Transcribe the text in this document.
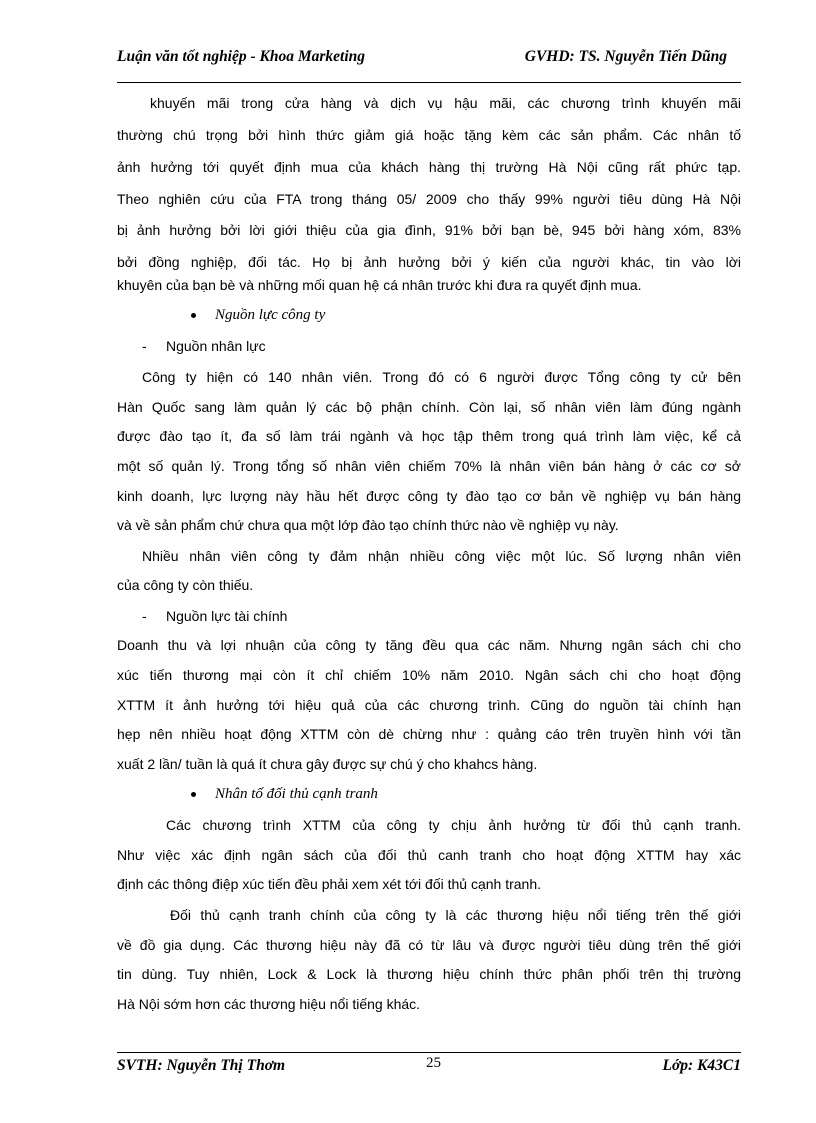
Luận văn tốt nghiệp - Khoa Marketing	GVHD: TS. Nguyễn Tiến Dũng
khuyến mãi trong cửa hàng và dịch vụ hậu mãi, các chương trình khuyến mãi
thường chú trọng bởi hình thức giảm giá hoặc tặng kèm các sản phẩm. Các nhân tố
ảnh hưởng tới quyết định mua của khách hàng thị trường Hà Nội cũng rất phức tạp.
Theo nghiên cứu của FTA trong tháng 05/ 2009 cho thấy 99% người tiêu dùng Hà Nội
bị ảnh hưởng bởi lời giới thiệu của gia đình, 91% bởi bạn bè, 945 bởi hàng xóm, 83%
bởi đồng nghiệp, đối tác. Họ bị ảnh hưởng bởi ý kiến của người khác, tin vào lời
khuyên của bạn bè và những mối quan hệ cá nhân trước khi đưa ra quyết định mua.
Nguồn lực công ty
- Nguồn nhân lực
Công ty hiện có 140 nhân viên. Trong đó có 6 người được Tổng công ty cử bên
Hàn Quốc sang làm quản lý các bộ phận chính. Còn lại, số nhân viên làm đúng ngành
được đào tạo ít, đa số làm trái ngành và học tập thêm trong quá trình làm việc, kể cả
một số quản lý. Trong tổng số nhân viên chiếm 70% là nhân viên bán hàng ở các cơ sở
kinh doanh, lực lượng này hầu hết được công ty đào tạo cơ bản về nghiệp vụ bán hàng
và về sản phẩm chứ chưa qua một lớp đào tạo chính thức nào về nghiệp vụ này.
Nhiều nhân viên công ty đảm nhận nhiều công việc một lúc. Số lượng nhân viên
của công ty còn thiếu.
- Nguồn lực tài chính
Doanh thu và lợi nhuận của công ty tăng đều qua các năm. Nhưng ngân sách chi cho
xúc tiến thương mại còn ít chỉ chiếm 10% năm 2010. Ngân sách chi cho hoạt động
XTTM ít ảnh hưởng tới hiệu quả của các chương trình. Cũng do nguồn tài chính hạn
hẹp nên nhiều hoạt động XTTM còn dè chừng như : quảng cáo trên truyền hình với tần
xuất 2 lần/ tuần là quá ít chưa gây được sự chú ý cho khahcs hàng.
Nhân tố đối thủ cạnh tranh
Các chương trình XTTM của công ty chịu ảnh hưởng từ đối thủ cạnh tranh.
Như việc xác định ngân sách của đối thủ canh tranh cho hoạt động XTTM hay xác
định các thông điệp xúc tiến đều phải xem xét tới đối thủ cạnh tranh.
Đối thủ cạnh tranh chính của công ty là các thương hiệu nổi tiếng trên thế giới
về đồ gia dụng. Các thương hiệu này đã có từ lâu và được người tiêu dùng trên thế giới
tin dùng. Tuy nhiên, Lock & Lock là thương hiệu chính thức phân phối trên thị trường
Hà Nội sớm hơn các thương hiệu nổi tiếng khác.
SVTH: Nguyễn Thị Thơm	25	Lớp: K43C1
